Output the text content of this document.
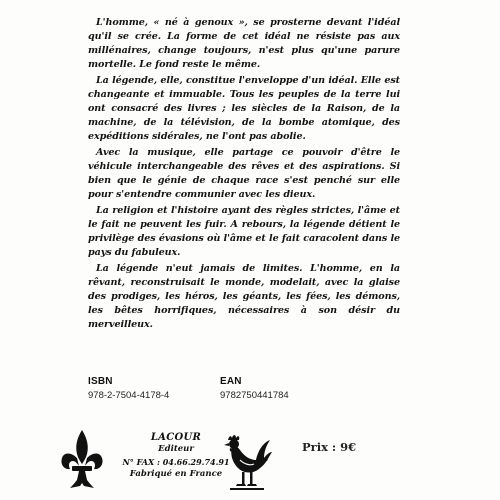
L'homme, « né à genoux », se prosterne devant l'idéal qu'il se crée. La forme de cet idéal ne résiste pas aux millénaires, change toujours, n'est plus qu'une parure mortelle. Le fond reste le même.

La légende, elle, constitue l'enveloppe d'un idéal. Elle est changeante et immuable. Tous les peuples de la terre lui ont consacré des livres ; les siècles de la Raison, de la machine, de la télévision, de la bombe atomique, des expéditions sidérales, ne l'ont pas abolie.

Avec la musique, elle partage ce pouvoir d'être le véhicule interchangeable des rêves et des aspirations. Si bien que le génie de chaque race s'est penché sur elle pour s'entendre communier avec les dieux.

La religion et l'histoire ayant des règles strictes, l'âme et le fait ne peuvent les fuir. A rebours, la légende détient le privilège des évasions où l'âme et le fait caracolent dans le pays du fabuleux.

La légende n'eut jamais de limites. L'homme, en la rêvant, reconstruisait le monde, modelait, avec la glaise des prodiges, les héros, les géants, les fées, les démons, les bêtes horrifiques, nécessaires à son désir du merveilleux.

ISBN
978-2-7504-4178-4
EAN
9782750441784
LACOUR
Editeur
N° FAX : 04.66.29.74.91
Fabriqué en France
Prix : 9€
